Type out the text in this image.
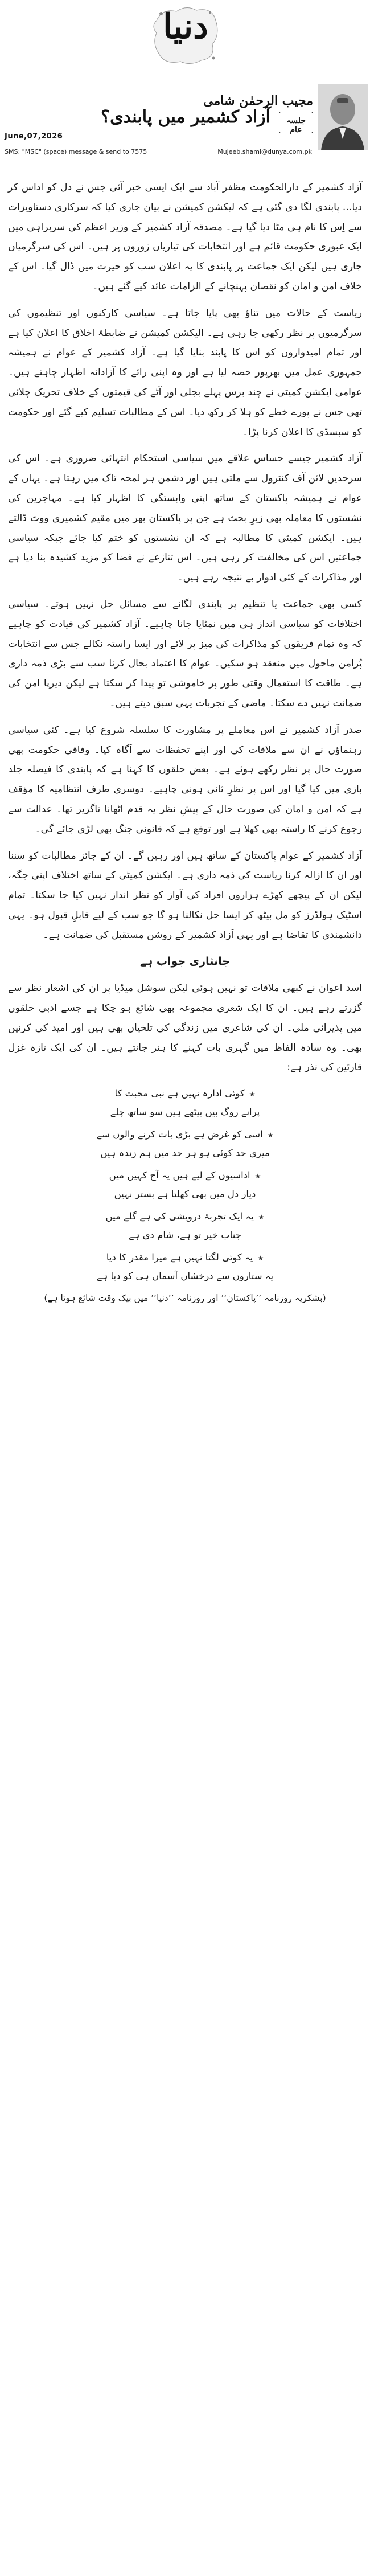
دنیا
مجیب الرحمٰن شامی
جلسہ عام
آزاد کشمیر میں پابندی؟
June,07,2026
SMS: "MSC" (space) message & send to 7575	Mujeeb.shami@dunya.com.pk

آزاد کشمیر کے دارالحکومت مظفر آباد سے ایک ایسی خبر آئی جس نے دل کو اداس کر دیا... پابندی لگا دی گئی ہے کہ لیکشن کمیشن نے بیان جاری کیا کہ سرکاری دستاویزات سے اِس کا نام ہی مٹا دیا گیا ہے۔ مصدقہ آزاد کشمیر کے وزیر اعظم کی سربراہی میں ایک عبوری حکومت قائم ہے اور انتخابات کی تیاریاں زوروں پر ہیں۔ اس کی سرگرمیاں جاری ہیں لیکن ایک جماعت پر پابندی کا یہ اعلان سب کو حیرت میں ڈال گیا۔ اس کے خلاف امن و امان کو نقصان پہنچانے کے الزامات عائد کیے گئے ہیں۔

ریاست کے حالات میں تناؤ بھی پایا جاتا ہے۔ سیاسی کارکنوں اور تنظیموں کی سرگرمیوں پر نظر رکھی جا رہی ہے۔ الیکشن کمیشن نے ضابطۂ اخلاق کا اعلان کیا ہے اور تمام امیدواروں کو اس کا پابند بنایا گیا ہے۔ آزاد کشمیر کے عوام نے ہمیشہ جمہوری عمل میں بھرپور حصہ لیا ہے اور وہ اپنی رائے کا آزادانہ اظہار چاہتے ہیں۔ عوامی ایکشن کمیٹی نے چند برس پہلے بجلی اور آٹے کی قیمتوں کے خلاف تحریک چلائی تھی جس نے پورے خطے کو ہلا کر رکھ دیا۔ اس کے مطالبات تسلیم کیے گئے اور حکومت کو سبسڈی کا اعلان کرنا پڑا۔

آزاد کشمیر جیسے حساس علاقے میں سیاسی استحکام انتہائی ضروری ہے۔ اس کی سرحدیں لائن آف کنٹرول سے ملتی ہیں اور دشمن ہر لمحہ تاک میں رہتا ہے۔ یہاں کے عوام نے ہمیشہ پاکستان کے ساتھ اپنی وابستگی کا اظہار کیا ہے۔ مہاجرین کی نشستوں کا معاملہ بھی زیرِ بحث ہے جن پر پاکستان بھر میں مقیم کشمیری ووٹ ڈالتے ہیں۔ ایکشن کمیٹی کا مطالبہ ہے کہ ان نشستوں کو ختم کیا جائے جبکہ سیاسی جماعتیں اس کی مخالفت کر رہی ہیں۔ اس تنازعے نے فضا کو مزید کشیدہ بنا دیا ہے اور مذاکرات کے کئی ادوار بے نتیجہ رہے ہیں۔

کسی بھی جماعت یا تنظیم پر پابندی لگانے سے مسائل حل نہیں ہوتے۔ سیاسی اختلافات کو سیاسی انداز ہی میں نمٹایا جانا چاہیے۔ آزاد کشمیر کی قیادت کو چاہیے کہ وہ تمام فریقوں کو مذاکرات کی میز پر لائے اور ایسا راستہ نکالے جس سے انتخابات پُرامن ماحول میں منعقد ہو سکیں۔ عوام کا اعتماد بحال کرنا سب سے بڑی ذمہ داری ہے۔ طاقت کا استعمال وقتی طور پر خاموشی تو پیدا کر سکتا ہے لیکن دیرپا امن کی ضمانت نہیں دے سکتا۔ ماضی کے تجربات یہی سبق دیتے ہیں۔

صدر آزاد کشمیر نے اس معاملے پر مشاورت کا سلسلہ شروع کیا ہے۔ کئی سیاسی رہنماؤں نے ان سے ملاقات کی اور اپنے تحفظات سے آگاہ کیا۔ وفاقی حکومت بھی صورت حال پر نظر رکھے ہوئے ہے۔ بعض حلقوں کا کہنا ہے کہ پابندی کا فیصلہ جلد بازی میں کیا گیا اور اس پر نظرِ ثانی ہونی چاہیے۔ دوسری طرف انتظامیہ کا مؤقف ہے کہ امن و امان کی صورت حال کے پیشِ نظر یہ قدم اٹھانا ناگزیر تھا۔ عدالت سے رجوع کرنے کا راستہ بھی کھلا ہے اور توقع ہے کہ قانونی جنگ بھی لڑی جائے گی۔

آزاد کشمیر کے عوام پاکستان کے ساتھ ہیں اور رہیں گے۔ ان کے جائز مطالبات کو سننا اور ان کا ازالہ کرنا ریاست کی ذمہ داری ہے۔ ایکشن کمیٹی کے ساتھ اختلاف اپنی جگہ، لیکن ان کے پیچھے کھڑے ہزاروں افراد کی آواز کو نظر انداز نہیں کیا جا سکتا۔ تمام اسٹیک ہولڈرز کو مل بیٹھ کر ایسا حل نکالنا ہو گا جو سب کے لیے قابلِ قبول ہو۔ یہی دانشمندی کا تقاضا ہے اور یہی آزاد کشمیر کے روشن مستقبل کی ضمانت ہے۔

جانثاری جواب ہے

اسد اعوان نے کبھی ملاقات تو نہیں ہوئی لیکن سوشل میڈیا پر ان کی اشعار نظر سے گزرتے رہے ہیں۔ ان کا ایک شعری مجموعہ بھی شائع ہو چکا ہے جسے ادبی حلقوں میں پذیرائی ملی۔ ان کی شاعری میں زندگی کی تلخیاں بھی ہیں اور امید کی کرنیں بھی۔ وہ سادہ الفاظ میں گہری بات کہنے کا ہنر جانتے ہیں۔ ان کی ایک تازہ غزل قارئین کی نذر ہے:

★کوئی ادارہ نہیں ہے نبی محبت کا
پرانے روگ بیں بیٹھے ہیں سو ساتھ چلے
★اسی کو غرض ہے بڑی بات کرنے والوں سے
میری حد کوئی ہو ہر حد میں ہم زندہ ہیں
★اداسیوں کے لیے ہیں یہ آج کہیں میں
دیار دل میں بھی کھلتا ہے بستر نہیں
★یہ ایک تجربۂ درویشی کی ہے گلے میں
جناب خیر تو ہے، شام دی ہے
★یہ کوئی لگتا نہیں ہے میرا مقدر کا دیا
یہ ستاروں سے درخشاں آسماں ہی کو دیا ہے
(بشکریہ روزنامہ ’’پاکستان‘‘ اور روزنامہ ’’دنیا‘‘ میں بیک وقت شائع ہوتا ہے)
